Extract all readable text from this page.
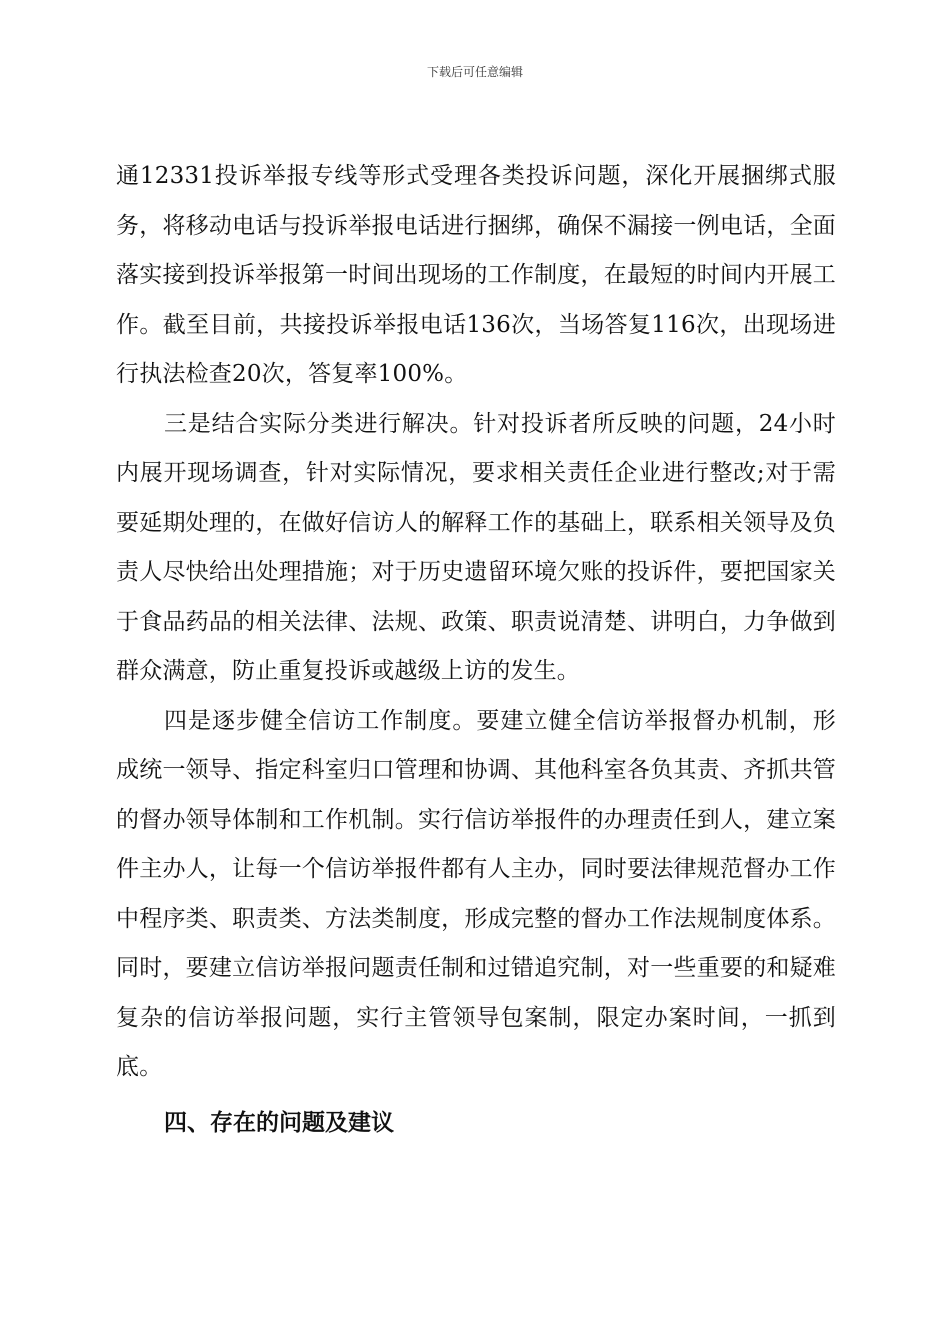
下载后可任意编辑

通12331投诉举报专线等形式受理各类投诉问题，深化开展捆绑式服务，将移动电话与投诉举报电话进行捆绑，确保不漏接一例电话，全面落实接到投诉举报第一时间出现场的工作制度，在最短的时间内开展工作。截至目前，共接投诉举报电话136次，当场答复116次，出现场进行执法检查20次，答复率100%。

三是结合实际分类进行解决。针对投诉者所反映的问题，24小时内展开现场调查，针对实际情况，要求相关责任企业进行整改;对于需要延期处理的，在做好信访人的解释工作的基础上，联系相关领导及负责人尽快给出处理措施；对于历史遗留环境欠账的投诉件，要把国家关于食品药品的相关法律、法规、政策、职责说清楚、讲明白，力争做到群众满意，防止重复投诉或越级上访的发生。

四是逐步健全信访工作制度。要建立健全信访举报督办机制，形成统一领导、指定科室归口管理和协调、其他科室各负其责、齐抓共管的督办领导体制和工作机制。实行信访举报件的办理责任到人，建立案件主办人，让每一个信访举报件都有人主办，同时要法律规范督办工作中程序类、职责类、方法类制度，形成完整的督办工作法规制度体系。同时，要建立信访举报问题责任制和过错追究制，对一些重要的和疑难复杂的信访举报问题，实行主管领导包案制，限定办案时间，一抓到底。

四、存在的问题及建议
